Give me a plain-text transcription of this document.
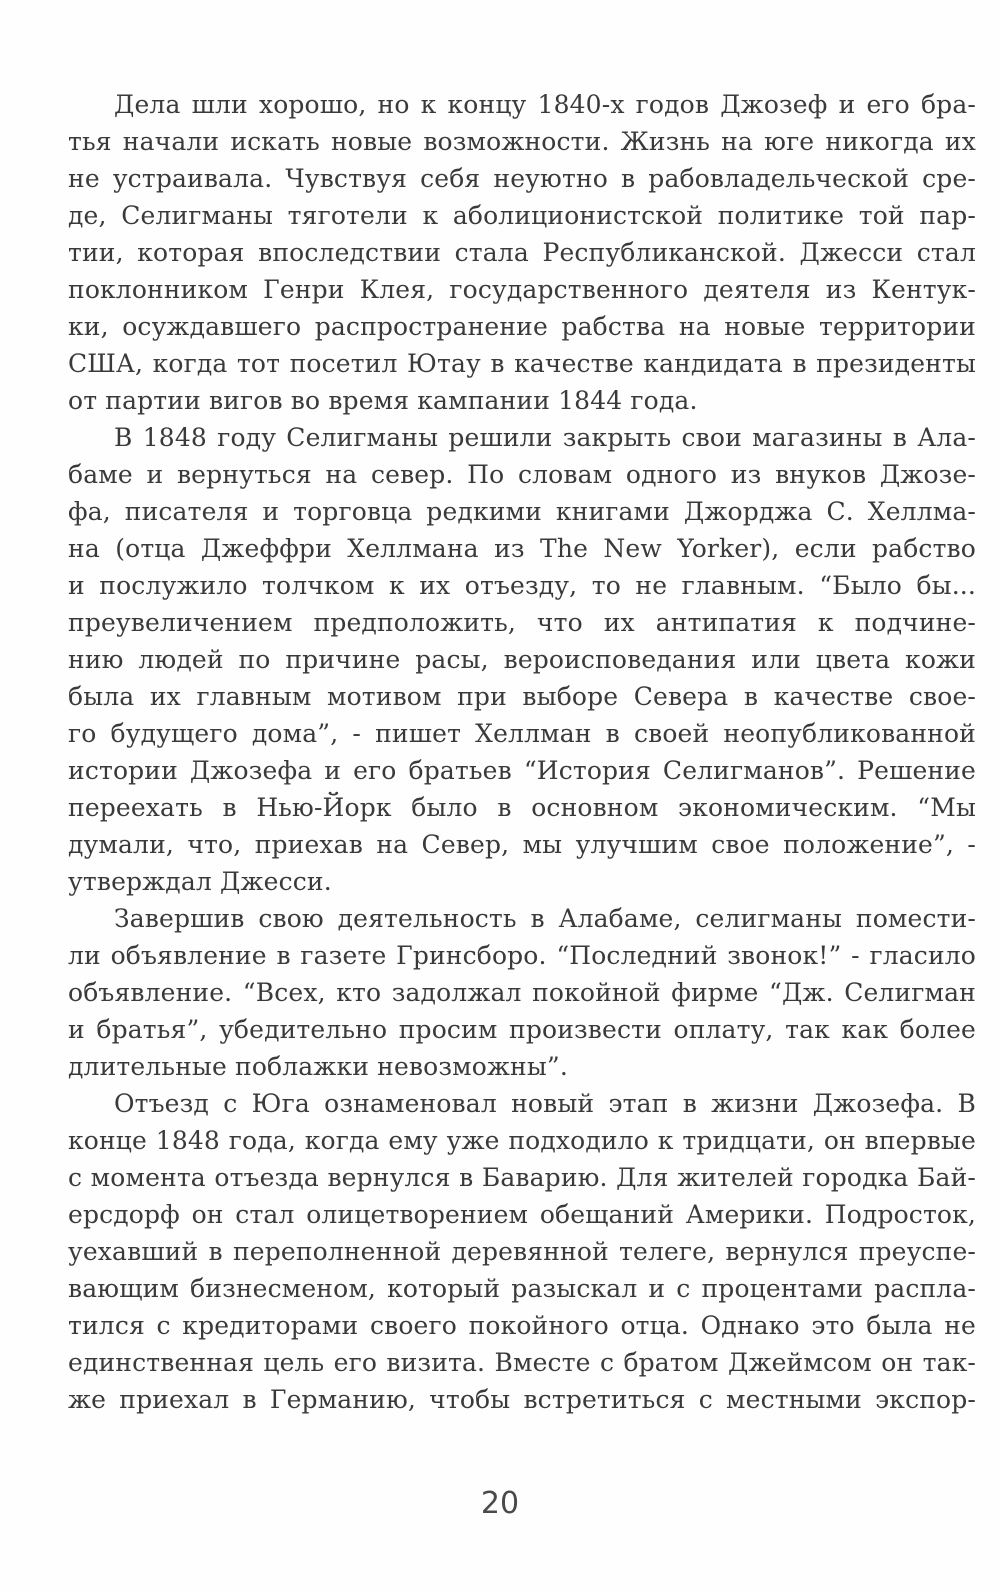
Дела шли хорошо, но к концу 1840-х годов Джозеф и его бра-
тья начали искать новые возможности. Жизнь на юге никогда их
не устраивала. Чувствуя себя неуютно в рабовладельческой сре-
де, Селигманы тяготели к аболиционистской политике той пар-
тии, которая впоследствии стала Республиканской. Джесси стал
поклонником Генри Клея, государственного деятеля из Кентук-
ки, осуждавшего распространение рабства на новые территории
США, когда тот посетил Ютау в качестве кандидата в президенты
от партии вигов во время кампании 1844 года.
В 1848 году Селигманы решили закрыть свои магазины в Ала-
баме и вернуться на север. По словам одного из внуков Джозе-
фа, писателя и торговца редкими книгами Джорджа С. Хеллма-
на (отца Джеффри Хеллмана из The New Yorker), если рабство
и послужило толчком к их отъезду, то не главным. “Было бы...
преувеличением предположить, что их антипатия к подчине-
нию людей по причине расы, вероисповедания или цвета кожи
была их главным мотивом при выборе Севера в качестве свое-
го будущего дома”, - пишет Хеллман в своей неопубликованной
истории Джозефа и его братьев “История Селигманов”. Решение
переехать в Нью-Йорк было в основном экономическим. “Мы
думали, что, приехав на Север, мы улучшим свое положение”, -
утверждал Джесси.
Завершив свою деятельность в Алабаме, селигманы помести-
ли объявление в газете Гринсборо. “Последний звонок!” - гласило
объявление. “Всех, кто задолжал покойной фирме “Дж. Селигман
и братья”, убедительно просим произвести оплату, так как более
длительные поблажки невозможны”.
Отъезд с Юга ознаменовал новый этап в жизни Джозефа. В
конце 1848 года, когда ему уже подходило к тридцати, он впервые
с момента отъезда вернулся в Баварию. Для жителей городка Бай-
ерсдорф он стал олицетворением обещаний Америки. Подросток,
уехавший в переполненной деревянной телеге, вернулся преуспе-
вающим бизнесменом, который разыскал и с процентами распла-
тился с кредиторами своего покойного отца. Однако это была не
единственная цель его визита. Вместе с братом Джеймсом он так-
же приехал в Германию, чтобы встретиться с местными экспор-
20
